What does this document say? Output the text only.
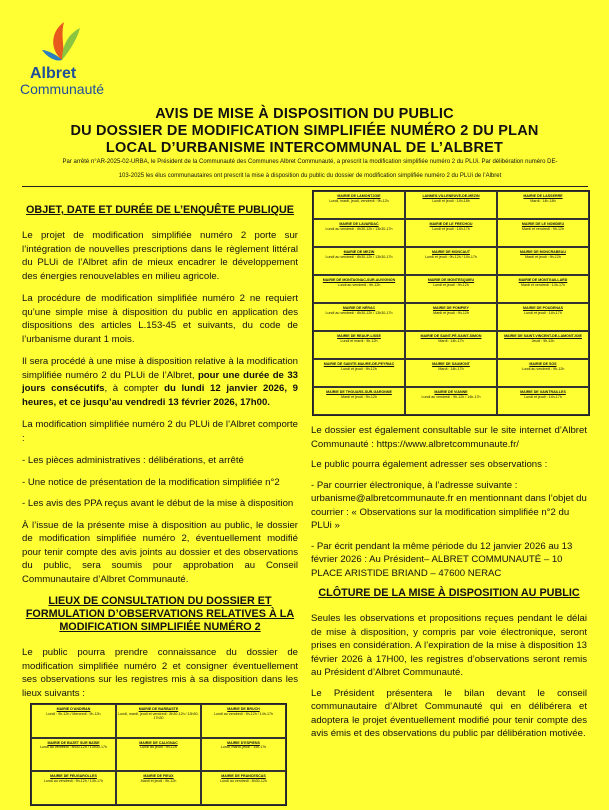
Albret
Communauté
AVIS DE MISE À DISPOSITION DU PUBLIC
DU DOSSIER DE MODIFICATION SIMPLIFIÉE NUMÉRO 2 DU PLAN
LOCAL D’URBANISME INTERCOMMUNAL DE L’ALBRET
Par arrêté n°AR-2025-02-URBA, le Président de la Communauté des Communes Albret Communauté, a prescrit la modification simplifiée numéro 2 du PLUi. Par délibération numéro DE-103-2025 les élus communautaires ont prescrit la mise à disposition du public du dossier de modification simplifiée numéro 2 du PLUi de l’Albret
OBJET, DATE ET DURÉE DE L’ENQUÊTE PUBLIQUE

Le projet de modification simplifiée numéro 2 porte sur l’intégration de nouvelles prescriptions dans le règlement littéral du PLUi de l’Albret afin de mieux encadrer le développement des énergies renouvelables en milieu agricole.

La procédure de modification simplifiée numéro 2 ne requiert qu’une simple mise à disposition du public en application des dispositions des articles L.153-45 et suivants, du code de l’urbanisme durant 1 mois.

Il sera procédé à une mise à disposition relative à la modification simplifiée numéro 2 du PLUi de l’Albret, pour une durée de 33 jours consécutifs, à compter du lundi 12 janvier 2026, 9 heures, et ce jusqu’au vendredi 13 février 2026, 17h00.

La modification simplifiée numéro 2 du PLUi de l’Albret comporte :

- Les pièces administratives : délibérations, et arrêté
- Une notice de présentation de la modification simplifiée n°2
- Les avis des PPA reçus avant le début de la mise à disposition

À l’issue de la présente mise à disposition au public, le dossier de modification simplifiée numéro 2, éventuellement modifié pour tenir compte des avis joints au dossier et des observations du public, sera soumis pour approbation au Conseil Communautaire d’Albret Communauté.

LIEUX DE CONSULTATION DU DOSSIER ET FORMULATION D’OBSERVATIONS RELATIVES À LA MODIFICATION SIMPLIFIÉE NUMÉRO 2

Le public pourra prendre connaissance du dossier de modification simplifiée numéro 2 et consigner éventuellement ses observations sur les registres mis à sa disposition dans les lieux suivants :

MAIRIE DE LAMONTJOIE
Lundi, mardi, jeudi, vendredi : 9h-12h
LANNES-VILLENEUVE-DE-MEZIN
Lundi et jeudi : 14h-18h
MAIRIE DE LASSERRE
Mardi : 14h-18h
MAIRIE DE LAVARDAC
Lundi au vendredi : 8h30-12h / 13h30-17h
MAIRIE DE LE FRECHOU
Lundi et jeudi : 14h-17h
MAIRIE DE LE NOMDIEU
Mardi et vendredi : 9h-12h
MAIRIE DE MEZIN
Lundi au vendredi : 8h30-12h / 13h30-17h
MAIRIE DE MONCAUT
Lundi et jeudi : 9h-12h / 14h-17h
MAIRIE DE MONCRABEAU
Mardi et jeudi : 9h-12h
MAIRIE DE MONTAGNAC-SUR-AUVIGNON
Lundi au vendredi : 9h-12h
MAIRIE DE MONTESQUIEU
Lundi et jeudi : 9h-12h
MAIRIE DE MONTGAILLARD
Mardi et vendredi : 14h-17h
MAIRIE DE NÉRAC
Lundi au vendredi : 8h30-12h / 13h30-17h
MAIRIE DE POMPIEY
Mardi et jeudi : 9h-12h
MAIRIE DE POUDENAS
Lundi et jeudi : 14h-17h
MAIRIE DE REAUP-LISSE
Lundi et mardi : 9h-12h
MAIRIE DE SAINT-PÉ-SAINT-SIMON
Mardi : 14h-17h
MAIRIE DE SAINT-VINCENT-DE-LAMONTJOIE
Jeudi : 9h-12h
MAIRIE DE SAINTE-MAURE-DE-PEYRIAC
Lundi et jeudi : 9h-12h
MAIRIE DE SAUMONT
Mardi : 14h-17h
MAIRIE DE SOS
Lundi au vendredi : 9h-12h
MAIRIE DE THOUARS-SUR-GARONNE
Mardi et jeudi : 9h-12h
MAIRIE DE VIANNE
Lundi au vendredi : 9h-12h / 14h-17h
MAIRIE DE XAINTRAILLES
Lundi et jeudi : 14h-17h
MAIRIE D’ANDIRAN
Lundi : 9h-12h / Mercredi : 9h-12h
MAIRIE DE BARBASTE
Lundi, mardi, jeudi et vendredi : 8h30-12h / 13h30-17h30
MAIRIE DE BRUCH
Lundi au vendredi : 9h-12h / 14h-17h
MAIRIE DE BUZET SUR BAÏSE
Lundi au vendredi : 8h30-12h / 13h30-17h
MAIRIE DE CALIGNAC
Lundi au jeudi : 9h-12h
MAIRIE D’ESPIENS
Lundi, mardi, jeudi : 14h-17h
MAIRIE DE FEUGAROLLES
Lundi au vendredi : 9h-12h / 14h-17h
MAIRIE DE FIEUX
Mardi et jeudi : 9h-12h
MAIRIE DE FRANCESCAS
Lundi au vendredi : 8h30-12h

Le dossier est également consultable sur le site internet d’Albret Communauté : https://www.albretcommunaute.fr/

Le public pourra également adresser ses observations :

- Par courrier électronique, à l’adresse suivante : urbanisme@albretcommunaute.fr en mentionnant dans l’objet du courrier : « Observations sur la modification simplifiée n°2 du PLUi »

- Par écrit pendant la même période du 12 janvier 2026 au 13 février 2026 : Au Président– ALBRET COMMUNAUTÉ – 10 PLACE ARISTIDE BRIAND – 47600 NERAC

CLÔTURE DE LA MISE À DISPOSITION AU PUBLIC

Seules les observations et propositions reçues pendant le délai de mise à disposition, y compris par voie électronique, seront prises en considération. A l’expiration de la mise à disposition 13 février 2026 à 17H00, les registres d’observations seront remis au Président d’Albret Communauté.

Le Président présentera le bilan devant le conseil communautaire d’Albret Communauté qui en délibérera et adoptera le projet éventuellement modifié pour tenir compte des avis émis et des observations du public par délibération motivée.
